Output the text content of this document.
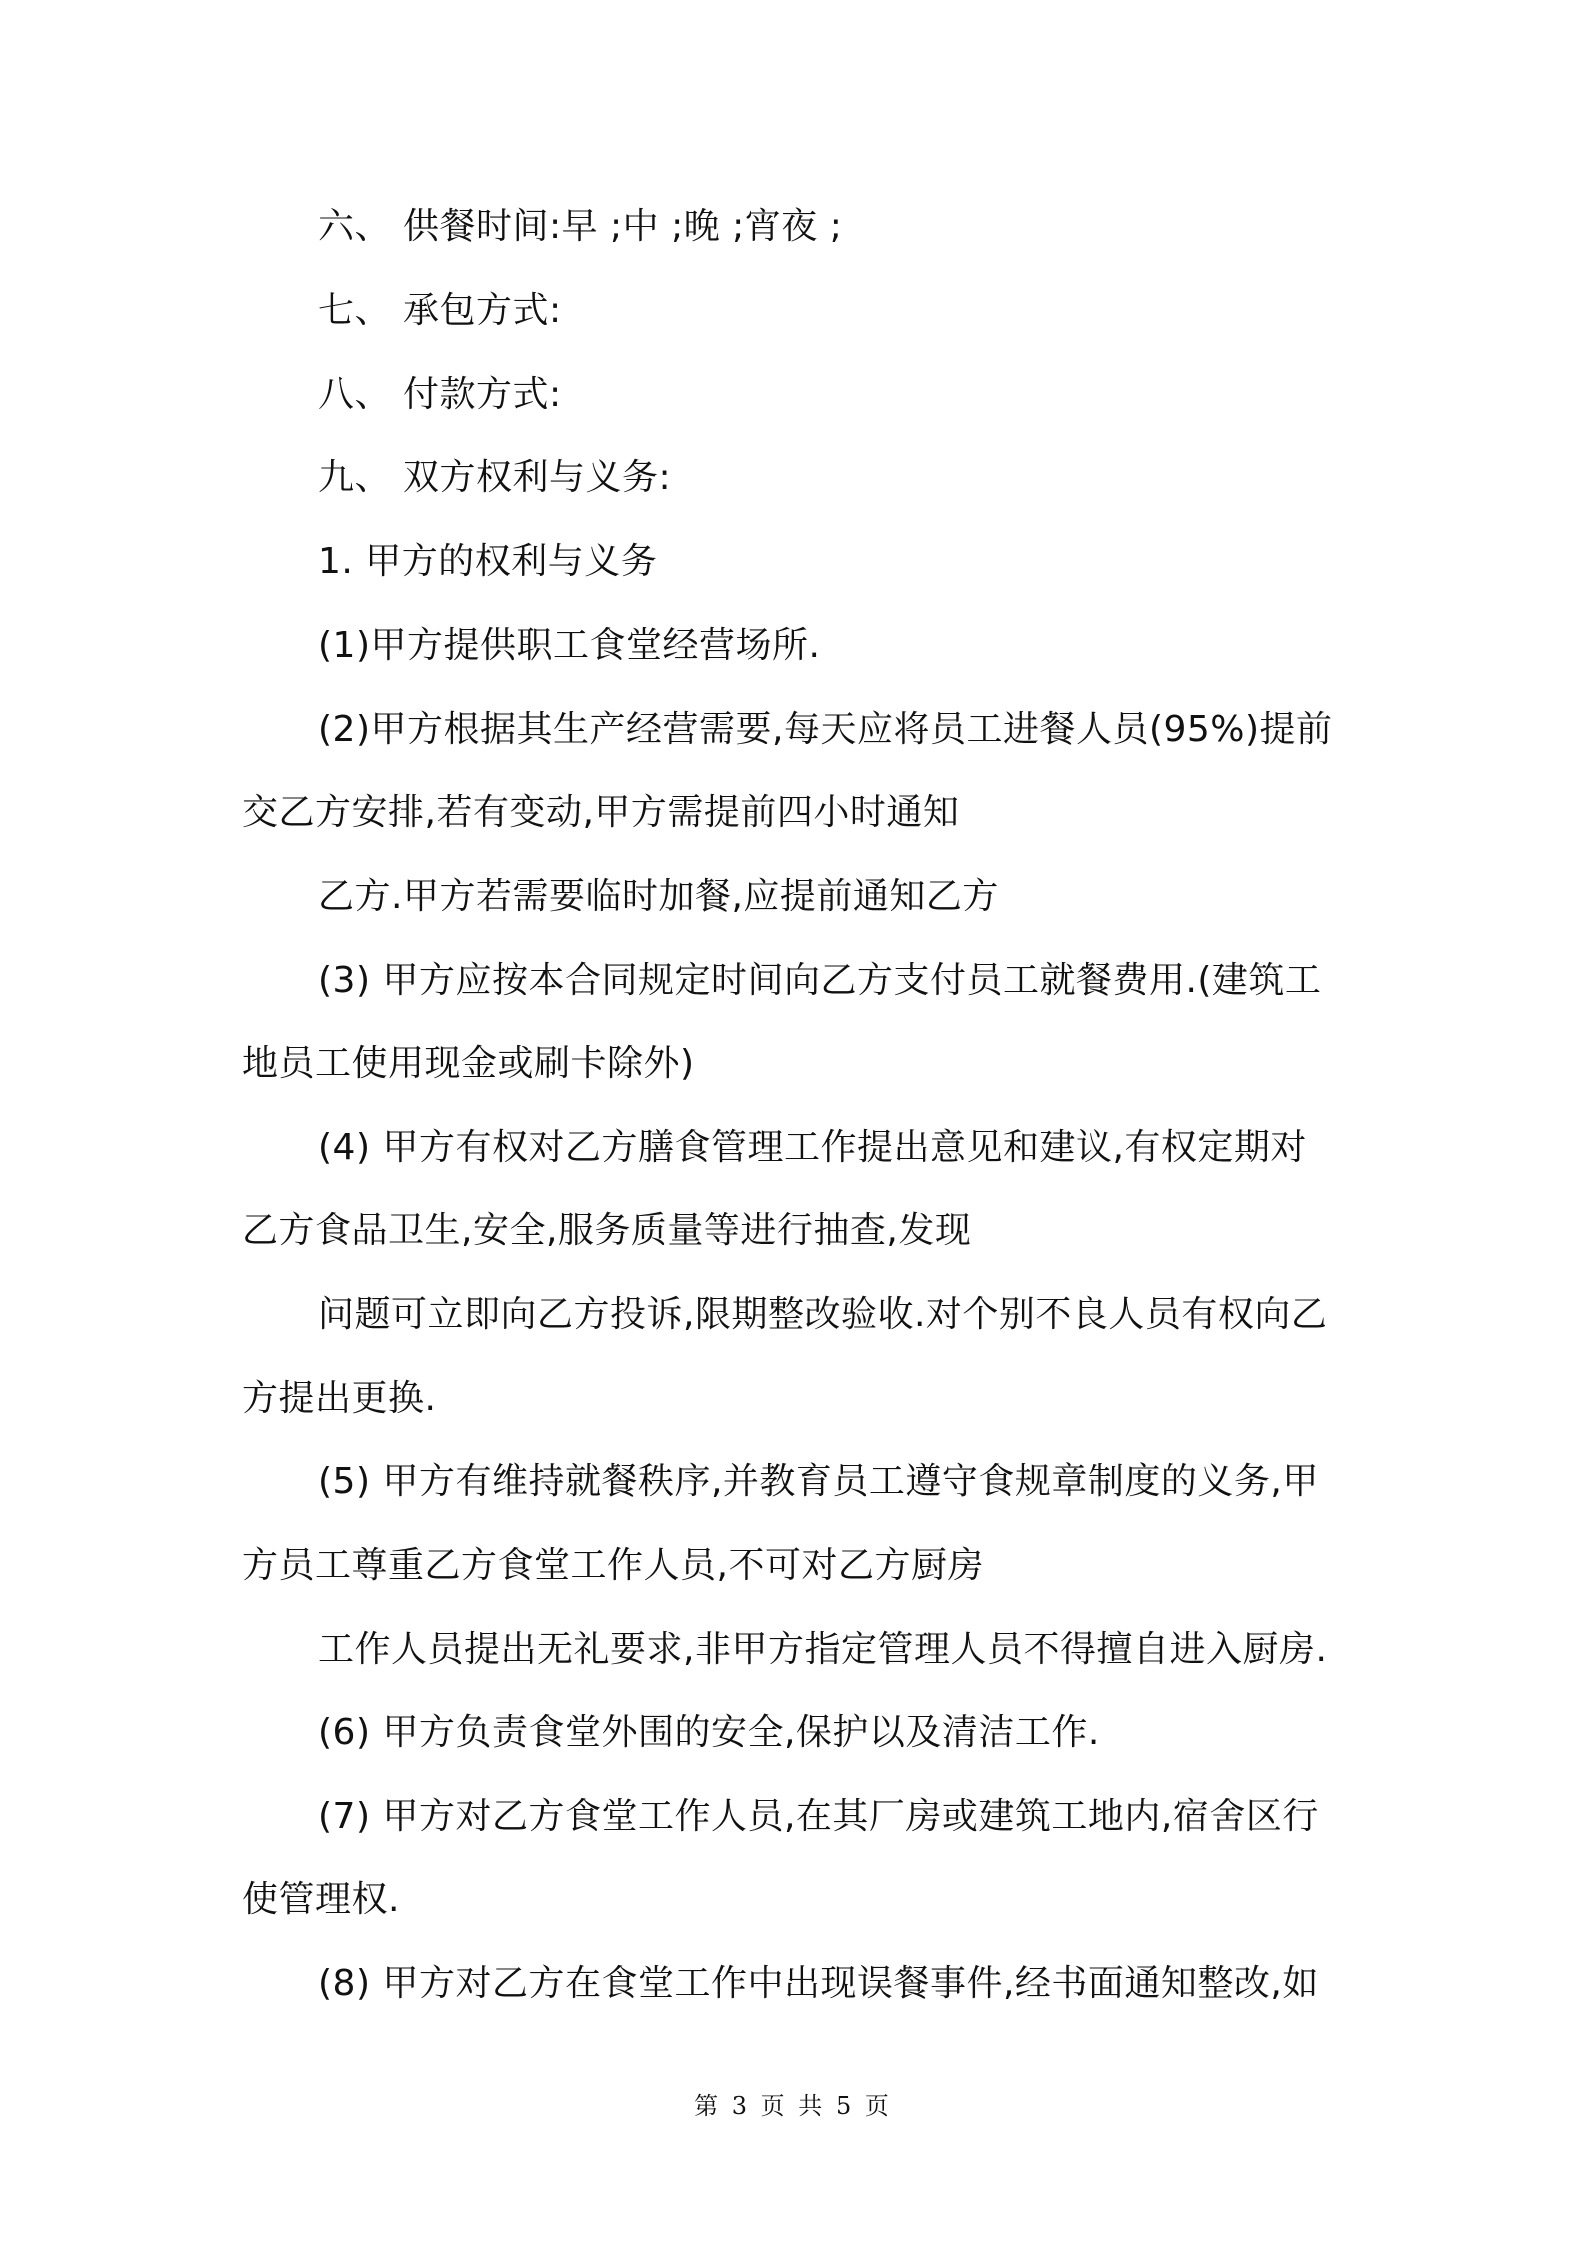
六、 供餐时间:早 ;中 ;晚 ;宵夜 ;

七、 承包方式:

八、 付款方式:

九、 双方权利与义务:

1. 甲方的权利与义务

(1)甲方提供职工食堂经营场所.

(2)甲方根据其生产经营需要,每天应将员工进餐人员(95%)提前

交乙方安排,若有变动,甲方需提前四小时通知

乙方.甲方若需要临时加餐,应提前通知乙方

(3) 甲方应按本合同规定时间向乙方支付员工就餐费用.(建筑工

地员工使用现金或刷卡除外)

(4) 甲方有权对乙方膳食管理工作提出意见和建议,有权定期对

乙方食品卫生,安全,服务质量等进行抽查,发现

问题可立即向乙方投诉,限期整改验收.对个别不良人员有权向乙

方提出更换.

(5) 甲方有维持就餐秩序,并教育员工遵守食规章制度的义务,甲

方员工尊重乙方食堂工作人员,不可对乙方厨房

工作人员提出无礼要求,非甲方指定管理人员不得擅自进入厨房.

(6) 甲方负责食堂外围的安全,保护以及清洁工作.

(7) 甲方对乙方食堂工作人员,在其厂房或建筑工地内,宿舍区行

使管理权.

(8) 甲方对乙方在食堂工作中出现误餐事件,经书面通知整改,如

第 3 页 共 5 页
